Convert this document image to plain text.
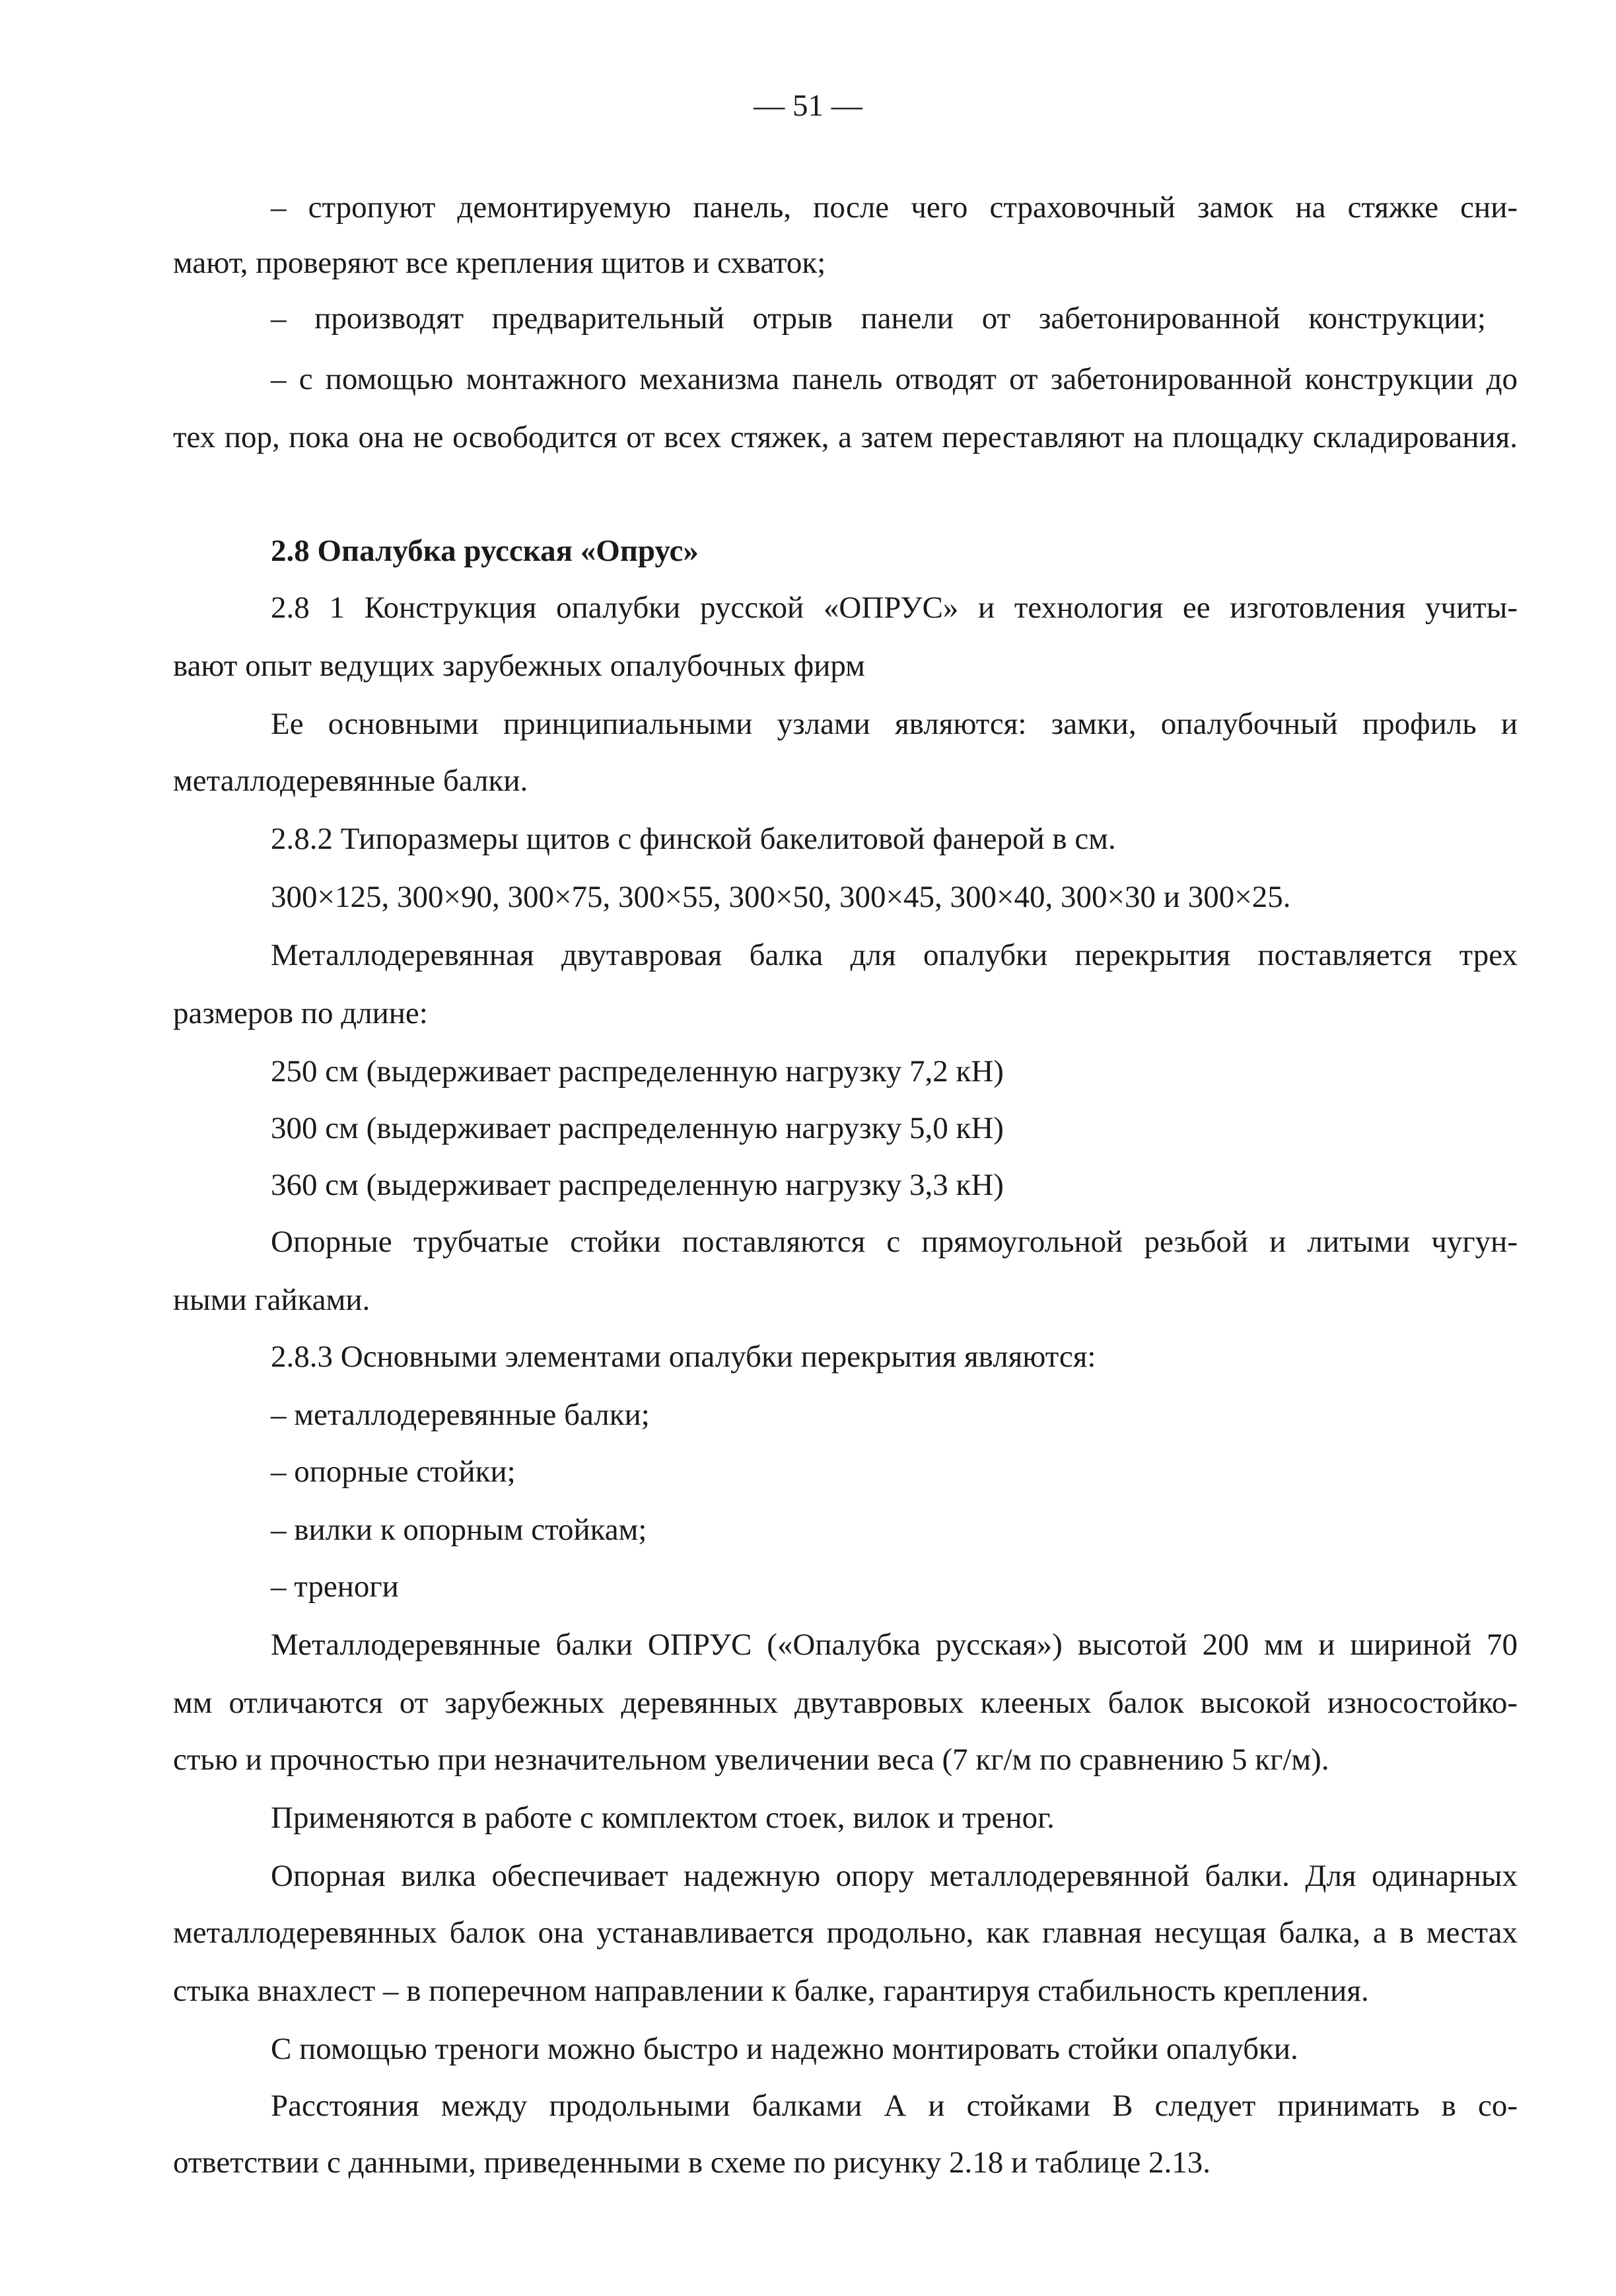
— 51 —
– стропуют демонтируемую панель, после чего страховочный замок на стяжке сни-
мают, проверяют все крепления щитов и схваток;
– производят предварительный отрыв панели от забетонированной конструкции;
– с помощью монтажного механизма панель отводят от забетонированной конструкции до
тех пор, пока она не освободится от всех стяжек, а затем переставляют на площадку складирования.
2.8 Опалубка русская «Опрус»
2.8 1 Конструкция опалубки русской «ОПРУС» и технология ее изготовления учиты-
вают опыт ведущих зарубежных опалубочных фирм
Ее основными принципиальными узлами являются: замки, опалубочный профиль и
металлодеревянные балки.
2.8.2 Типоразмеры щитов с финской бакелитовой фанерой в см.
300×125, 300×90, 300×75, 300×55, 300×50, 300×45, 300×40, 300×30 и 300×25.
Металлодеревянная двутавровая балка для опалубки перекрытия поставляется трех
размеров по длине:
250 см (выдерживает распределенную нагрузку 7,2 кН)
300 см (выдерживает распределенную нагрузку 5,0 кН)
360 см (выдерживает распределенную нагрузку 3,3 кН)
Опорные трубчатые стойки поставляются с прямоугольной резьбой и литыми чугун-
ными гайками.
2.8.3 Основными элементами опалубки перекрытия являются:
– металлодеревянные балки;
– опорные стойки;
– вилки к опорным стойкам;
– треноги
Металлодеревянные балки ОПРУС («Опалубка русская») высотой 200 мм и шириной 70
мм отличаются от зарубежных деревянных двутавровых клееных балок высокой износостойко-
стью и прочностью при незначительном увеличении веса (7 кг/м по сравнению 5 кг/м).
Применяются в работе с комплектом стоек, вилок и треног.
Опорная вилка обеспечивает надежную опору металлодеревянной балки. Для одинарных
металлодеревянных балок она устанавливается продольно, как главная несущая балка, а в местах
стыка внахлест – в поперечном направлении к балке, гарантируя стабильность крепления.
С помощью треноги можно быстро и надежно монтировать стойки опалубки.
Расстояния между продольными балками А и стойками В следует принимать в со-
ответствии с данными, приведенными в схеме по рисунку 2.18 и таблице 2.13.
